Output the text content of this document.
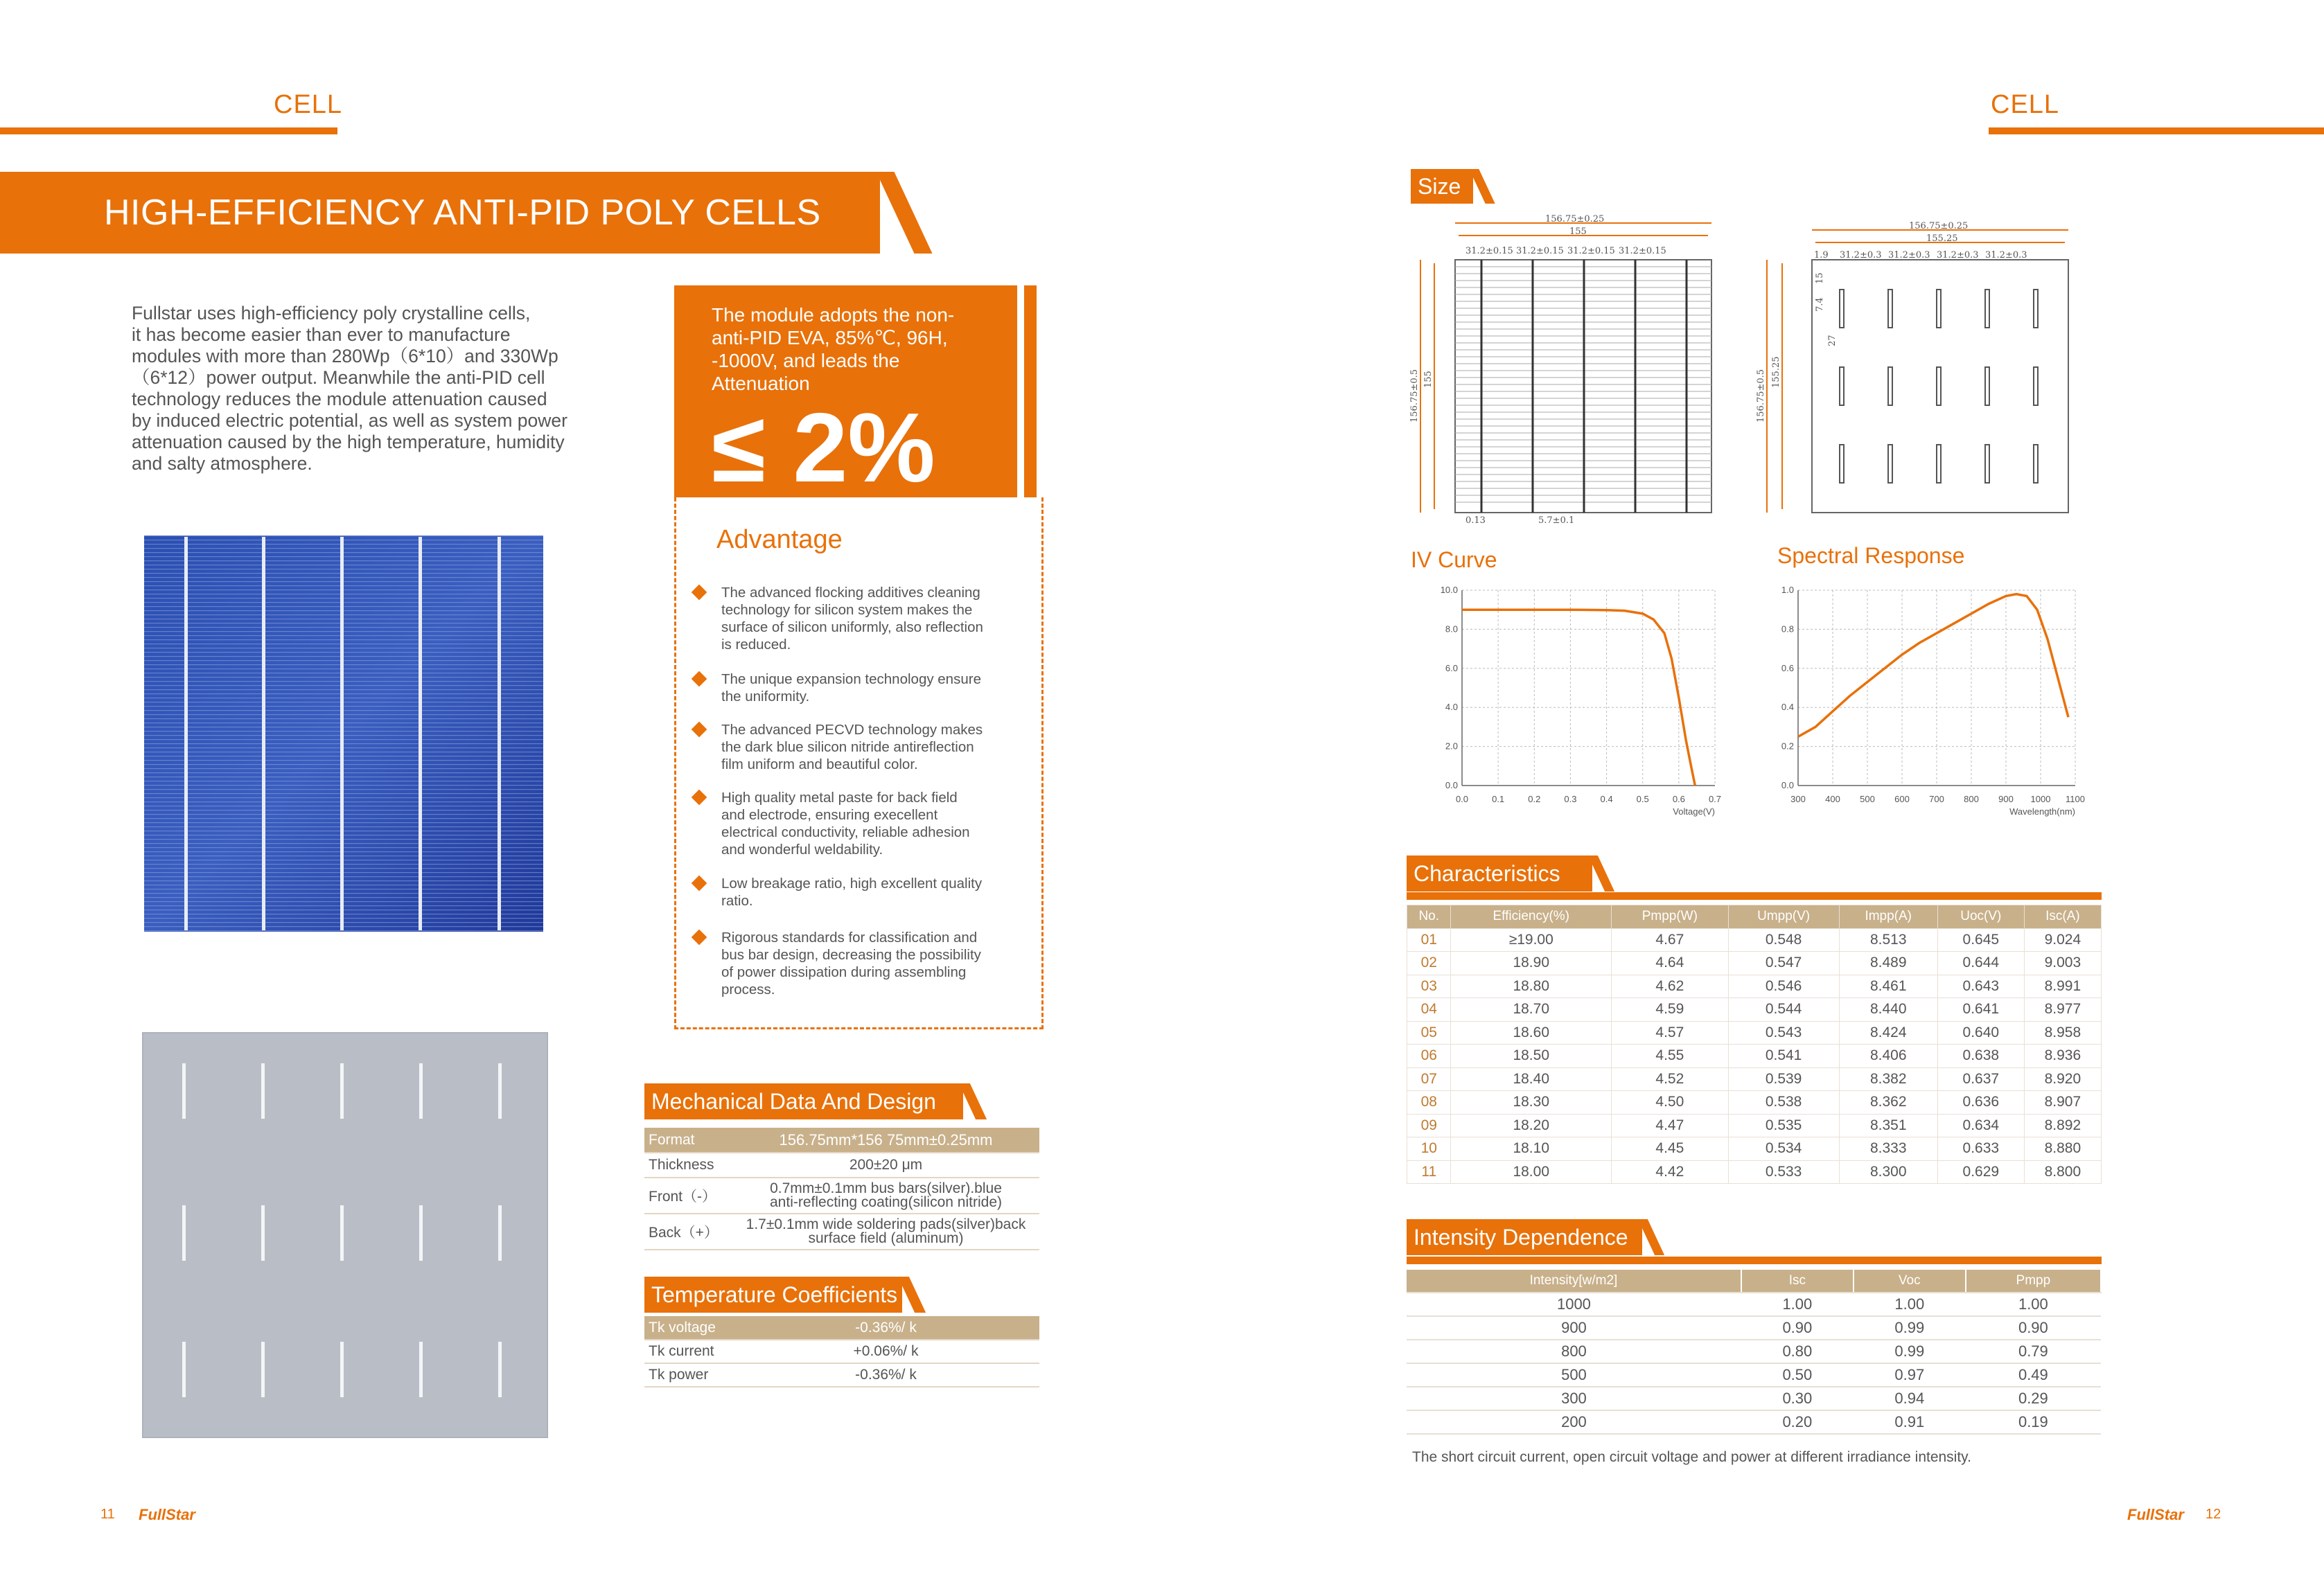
CELL
HIGH-EFFICIENCY ANTI-PID POLY CELLS (5BB)
Fullstar uses high-efficiency poly crystalline cells,
it has become easier than ever to manufacture
modules with more than 280Wp（6*10）and 330Wp
（6*12）power output. Meanwhile the anti-PID cell
technology reduces the module attenuation caused
by induced electric potential, as well as system power
attenuation caused by the high temperature, humidity
and salty atmosphere.
The module adopts the non-
anti-PID EVA, 85%℃, 96H,
-1000V, and leads the
Attenuation
≤ 2%
Advantage
The advanced flocking additives cleaning
technology for silicon system makes the
surface of silicon uniformly, also reflection
is reduced.
The unique expansion technology ensure
the uniformity.
The advanced PECVD technology makes
the dark blue silicon nitride antireflection
film uniform and beautiful color.
High quality metal paste for back field
and electrode, ensuring execellent
electrical conductivity, reliable adhesion
and wonderful weldability.
Low breakage ratio, high excellent quality
ratio.
Rigorous standards for classification and
bus bar design, decreasing the possibility
of power dissipation during assembling
process.
Mechanical Data And Design
Format	156.75mm*156 75mm±0.25mm
Thickness	200±20 μm
Front（-）	0.7mm±0.1mm bus bars(silver).blue
anti-reflecting coating(silicon nitride)
Back（+）	1.7±0.1mm wide soldering pads(silver)back
surface field (aluminum)
Temperature Coefficients
Tk voltage	-0.36%/ k
Tk current	+0.06%/ k
Tk power	-0.36%/ k
11 FullStar
CELL
Size
156.75±0.25
155
31.2±0.15 31.2±0.15 31.2±0.15 31.2±0.15
156.75±0.5 155
0.13	5.7±0.1
156.75±0.25
155.25
1.9 31.2±0.3 31.2±0.3 31.2±0.3 31.2±0.3
156.75±0.5 155.25
15
7.4
27
IV Curve
0.0	0.1	0.2	0.3	0.4	0.5	0.6	0.7
0.0
2.0
4.0
6.0
8.0
10.0
Voltage(V)
Spectral Response
300 400 500 600 700 800 900 1000 1100
0.0
0.2
0.4
0.6
0.8
1.0
Wavelength(nm)
Characteristics
No.	Efficiency(%)	Pmpp(W)	Umpp(V)	Impp(A)	Uoc(V)	Isc(A)
01	≥19.00	4.67	0.548	8.513	0.645	9.024
02	18.90	4.64	0.547	8.489	0.644	9.003
03	18.80	4.62	0.546	8.461	0.643	8.991
04	18.70	4.59	0.544	8.440	0.641	8.977
05	18.60	4.57	0.543	8.424	0.640	8.958
06	18.50	4.55	0.541	8.406	0.638	8.936
07	18.40	4.52	0.539	8.382	0.637	8.920
08	18.30	4.50	0.538	8.362	0.636	8.907
09	18.20	4.47	0.535	8.351	0.634	8.892
10	18.10	4.45	0.534	8.333	0.633	8.880
11	18.00	4.42	0.533	8.300	0.629	8.800
Intensity Dependence
Intensity[w/m2]	Isc	Voc	Pmpp
1000	1.00	1.00	1.00
900	0.90	0.99	0.90
800	0.80	0.99	0.79
500	0.50	0.97	0.49
300	0.30	0.94	0.29
200	0.20	0.91	0.19
The short circuit current, open circuit voltage and power at different irradiance intensity.
FullStar 12
